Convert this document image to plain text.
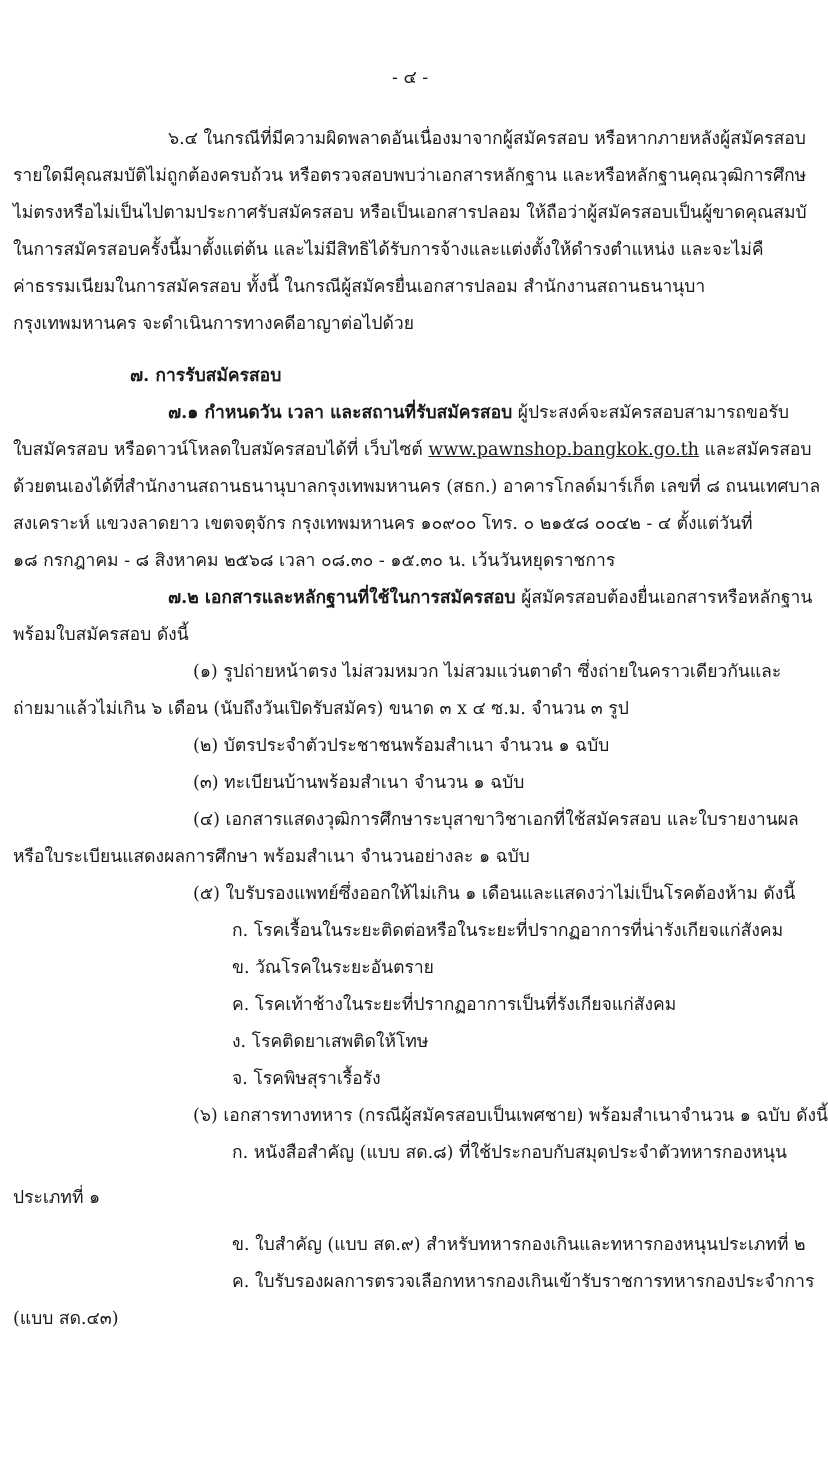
- ๔ -
๖.๔ ในกรณีที่มีความผิดพลาดอันเนื่องมาจากผู้สมัครสอบ หรือหากภายหลังผู้สมัครสอบ
รายใดมีคุณสมบัติไม่ถูกต้องครบถ้วน หรือตรวจสอบพบว่าเอกสารหลักฐาน และหรือหลักฐานคุณวุฒิการศึกษ
ไม่ตรงหรือไม่เป็นไปตามประกาศรับสมัครสอบ หรือเป็นเอกสารปลอม ให้ถือว่าผู้สมัครสอบเป็นผู้ขาดคุณสมบั
ในการสมัครสอบครั้งนี้มาตั้งแต่ต้น และไม่มีสิทธิได้รับการจ้างและแต่งตั้งให้ดำรงตำแหน่ง และจะไม่คื
ค่าธรรมเนียมในการสมัครสอบ ทั้งนี้ ในกรณีผู้สมัครยื่นเอกสารปลอม สำนักงานสถานธนานุบา
กรุงเทพมหานคร จะดำเนินการทางคดีอาญาต่อไปด้วย
๗. การรับสมัครสอบ
๗.๑ กำหนดวัน เวลา และสถานที่รับสมัครสอบ ผู้ประสงค์จะสมัครสอบสามารถขอรับ
ใบสมัครสอบ หรือดาวน์โหลดใบสมัครสอบได้ที่ เว็บไซต์ www.pawnshop.bangkok.go.th และสมัครสอบ
ด้วยตนเองได้ที่สำนักงานสถานธนานุบาลกรุงเทพมหานคร (สธก.) อาคารโกลด์มาร์เก็ต เลขที่ ๘ ถนนเทศบาล
สงเคราะห์ แขวงลาดยาว เขตจตุจักร กรุงเทพมหานคร ๑๐๙๐๐ โทร. ๐ ๒๑๕๘ ๐๐๔๒ - ๔ ตั้งแต่วันที่
๑๘ กรกฎาคม - ๘ สิงหาคม ๒๕๖๘ เวลา ๐๘.๓๐ - ๑๕.๓๐ น. เว้นวันหยุดราชการ
๗.๒ เอกสารและหลักฐานที่ใช้ในการสมัครสอบ ผู้สมัครสอบต้องยื่นเอกสารหรือหลักฐาน
พร้อมใบสมัครสอบ ดังนี้
(๑) รูปถ่ายหน้าตรง ไม่สวมหมวก ไม่สวมแว่นตาดำ ซึ่งถ่ายในคราวเดียวกันและ
ถ่ายมาแล้วไม่เกิน ๖ เดือน (นับถึงวันเปิดรับสมัคร) ขนาด ๓ x ๔ ซ.ม. จำนวน ๓ รูป
(๒) บัตรประจำตัวประชาชนพร้อมสำเนา จำนวน ๑ ฉบับ
(๓) ทะเบียนบ้านพร้อมสำเนา จำนวน ๑ ฉบับ
(๔) เอกสารแสดงวุฒิการศึกษาระบุสาขาวิชาเอกที่ใช้สมัครสอบ และใบรายงานผล
หรือใบระเบียนแสดงผลการศึกษา พร้อมสำเนา จำนวนอย่างละ ๑ ฉบับ
(๕) ใบรับรองแพทย์ซึ่งออกให้ไม่เกิน ๑ เดือนและแสดงว่าไม่เป็นโรคต้องห้าม ดังนี้
ก. โรคเรื้อนในระยะติดต่อหรือในระยะที่ปรากฏอาการที่น่ารังเกียจแก่สังคม
ข. วัณโรคในระยะอันตราย
ค. โรคเท้าช้างในระยะที่ปรากฏอาการเป็นที่รังเกียจแก่สังคม
ง. โรคติดยาเสพติดให้โทษ
จ. โรคพิษสุราเรื้อรัง
(๖) เอกสารทางทหาร (กรณีผู้สมัครสอบเป็นเพศชาย) พร้อมสำเนาจำนวน ๑ ฉบับ ดังนี้
ก. หนังสือสำคัญ (แบบ สด.๘) ที่ใช้ประกอบกับสมุดประจำตัวทหารกองหนุน
ประเภทที่ ๑
ข. ใบสำคัญ (แบบ สด.๙) สำหรับทหารกองเกินและทหารกองหนุนประเภทที่ ๒
ค. ใบรับรองผลการตรวจเลือกทหารกองเกินเข้ารับราชการทหารกองประจำการ
(แบบ สด.๔๓)
